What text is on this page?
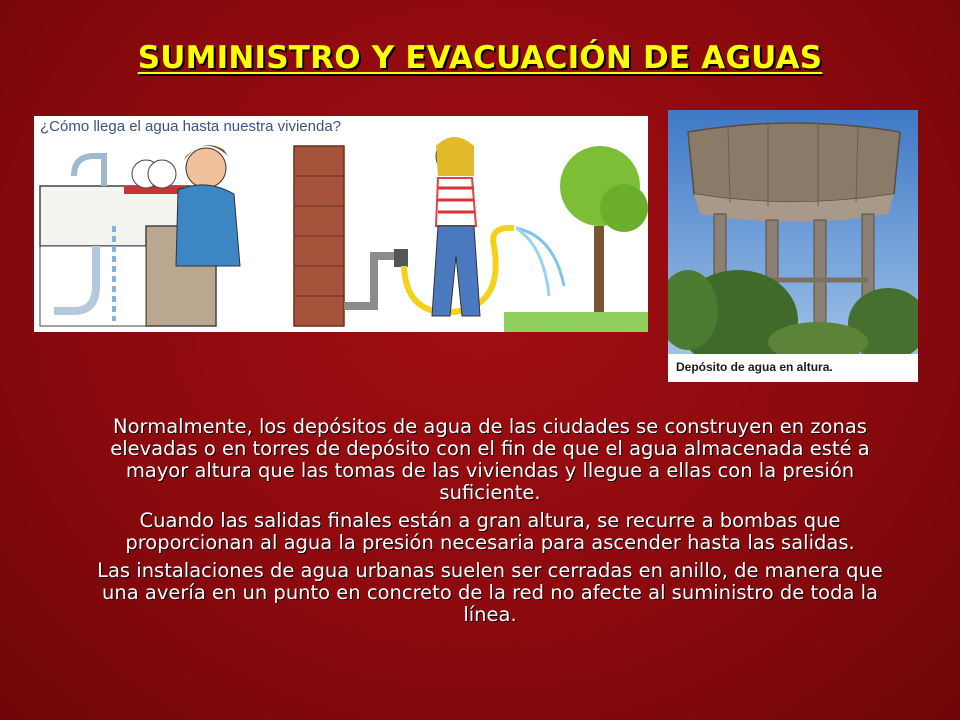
SUMINISTRO Y EVACUACIÓN DE AGUAS
¿Cómo llega el agua hasta nuestra vivienda?
Depósito de agua en altura.

Normalmente, los depósitos de agua de las ciudades se construyen en zonas elevadas o en torres de depósito con el fin de que el agua almacenada esté a mayor altura que las tomas de las viviendas y llegue a ellas con la presión suficiente.

Cuando las salidas finales están a gran altura, se recurre a bombas que proporcionan al agua la presión necesaria para ascender hasta las salidas.

Las instalaciones de agua urbanas suelen ser cerradas en anillo, de manera que una avería en un punto en concreto de la red no afecte al suministro de toda la línea.
